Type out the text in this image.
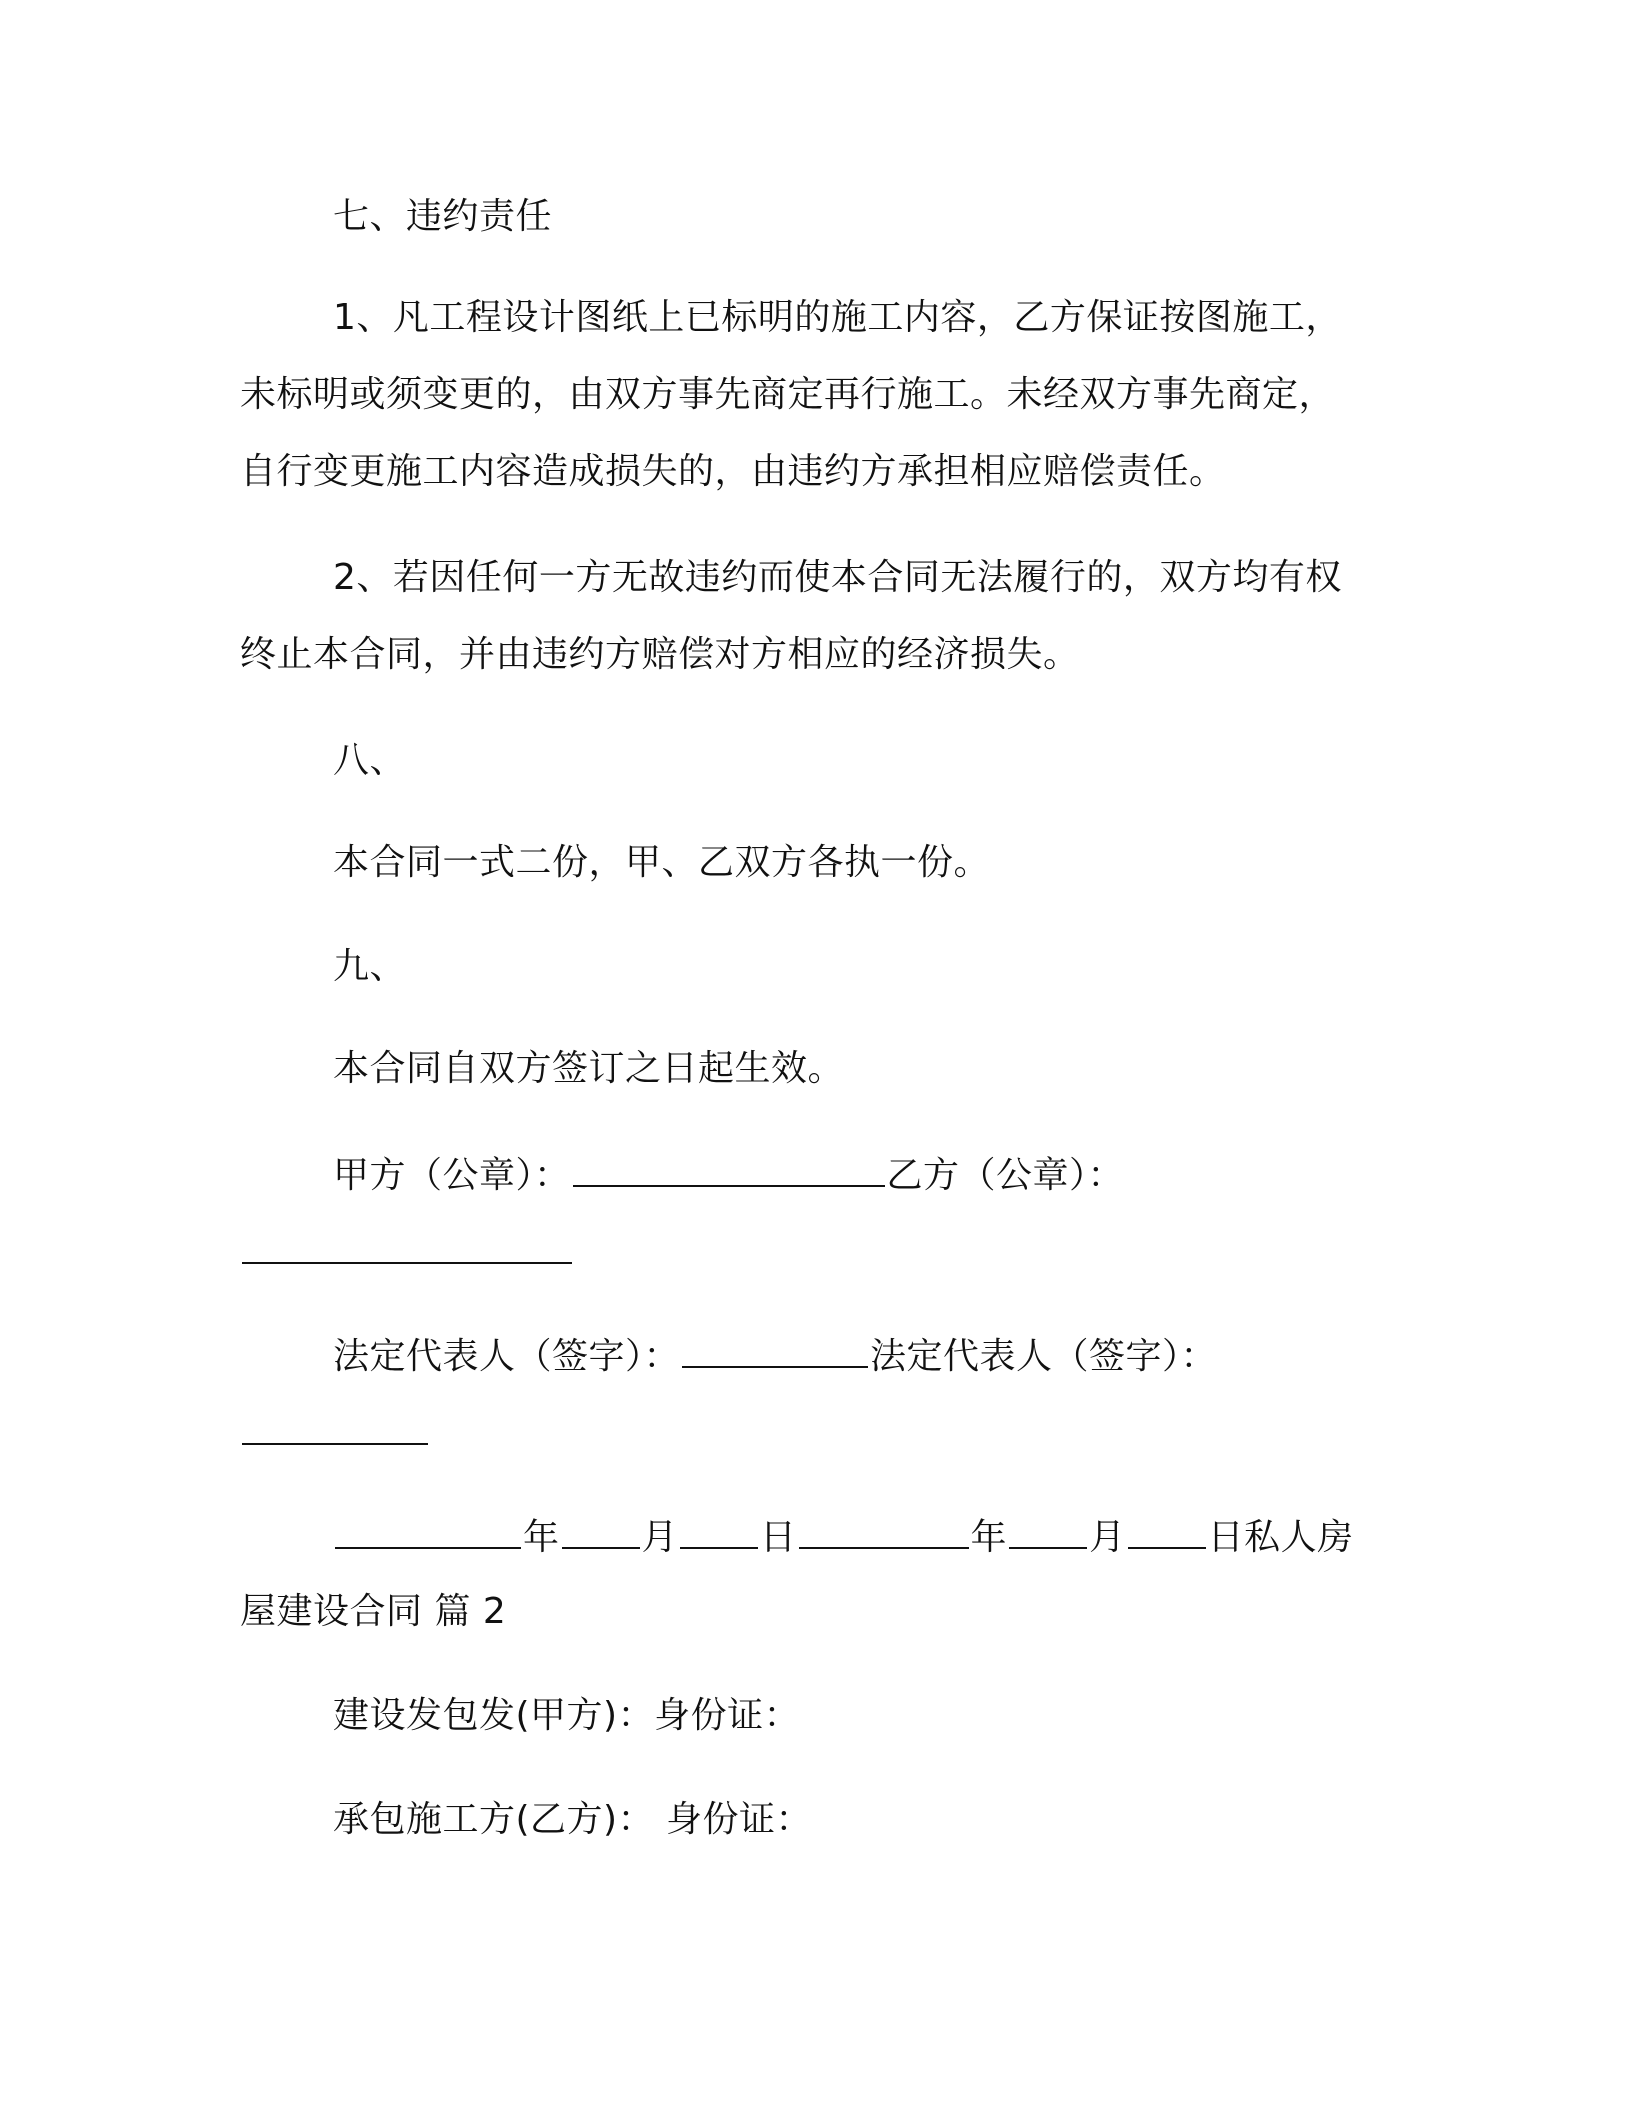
七、违约责任
1、凡工程设计图纸上已标明的施工内容，乙方保证按图施工，
未标明或须变更的，由双方事先商定再行施工。未经双方事先商定，
自行变更施工内容造成损失的，由违约方承担相应赔偿责任。
2、若因任何一方无故违约而使本合同无法履行的，双方均有权
终止本合同，并由违约方赔偿对方相应的经济损失。
八、
本合同一式二份，甲、乙双方各执一份。
九、
本合同自双方签订之日起生效。
甲方（公章）：	乙方（公章）：
法定代表人（签字）：	法定代表人（签字）：
年 月 日	年 月 日私人房
屋建设合同 篇 2
建设发包发(甲方)：身份证：
承包施工方(乙方)： 身份证：
